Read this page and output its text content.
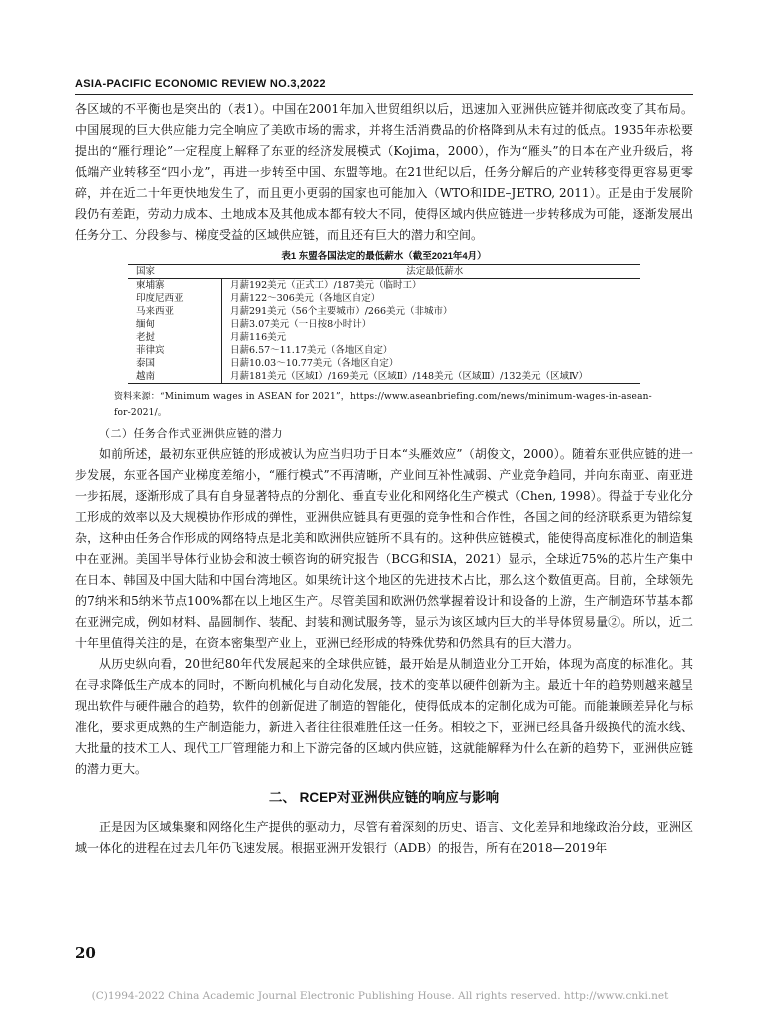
ASIA-PACIFIC ECONOMIC REVIEW NO.3,2022

各区域的不平衡也是突出的（表1）。中国在2001年加入世贸组织以后，迅速加入亚洲供应链并彻底改变了其布局。中国展现的巨大供应能力完全响应了美欧市场的需求，并将生活消费品的价格降到从未有过的低点。1935年赤松要提出的“雁行理论”一定程度上解释了东亚的经济发展模式（Kojima，2000），作为“雁头”的日本在产业升级后，将低端产业转移至“四小龙”，再进一步转至中国、东盟等地。在21世纪以后，任务分解后的产业转移变得更容易更零碎，并在近二十年更快地发生了，而且更小更弱的国家也可能加入（WTO和IDE–JETRO, 2011）。正是由于发展阶段仍有差距，劳动力成本、土地成本及其他成本都有较大不同，使得区域内供应链进一步转移成为可能，逐渐发展出任务分工、分段参与、梯度受益的区域供应链，而且还有巨大的潜力和空间。

表1 东盟各国法定的最低薪水（截至2021年4月）
国家	法定最低薪水
柬埔寨	月薪192美元（正式工）/187美元（临时工）
印度尼西亚	月薪122～306美元（各地区自定）
马来西亚	月薪291美元（56个主要城市）/266美元（非城市）
缅甸	日薪3.07美元（一日按8小时计）
老挝	月薪116美元
菲律宾	日薪6.57～11.17美元（各地区自定）
泰国	日薪10.03～10.77美元（各地区自定）
越南	月薪181美元（区域Ⅰ）/169美元（区域Ⅱ）/148美元（区域Ⅲ）/132美元（区域Ⅳ）
资料来源：“Minimum wages in ASEAN for 2021”，https://www.aseanbriefing.com/news/minimum-wages-in-asean-for-2021/。
（二）任务合作式亚洲供应链的潜力

如前所述，最初东亚供应链的形成被认为应当归功于日本“头雁效应”（胡俊文，2000）。随着东亚供应链的进一步发展，东亚各国产业梯度差缩小，“雁行模式”不再清晰，产业间互补性减弱、产业竞争趋同，并向东南亚、南亚进一步拓展，逐渐形成了具有自身显著特点的分割化、垂直专业化和网络化生产模式（Chen, 1998）。得益于专业化分工形成的效率以及大规模协作形成的弹性，亚洲供应链具有更强的竞争性和合作性，各国之间的经济联系更为错综复杂，这种由任务合作形成的网络特点是北美和欧洲供应链所不具有的。这种供应链模式，能使得高度标准化的制造集中在亚洲。美国半导体行业协会和波士顿咨询的研究报告（BCG和SIA，2021）显示，全球近75%的芯片生产集中在日本、韩国及中国大陆和中国台湾地区。如果统计这个地区的先进技术占比，那么这个数值更高。目前，全球领先的7纳米和5纳米节点100%都在以上地区生产。尽管美国和欧洲仍然掌握着设计和设备的上游，生产制造环节基本都在亚洲完成，例如材料、晶圆制作、装配、封装和测试服务等，显示为该区域内巨大的半导体贸易量②。所以，近二十年里值得关注的是，在资本密集型产业上，亚洲已经形成的特殊优势和仍然具有的巨大潜力。

从历史纵向看，20世纪80年代发展起来的全球供应链，最开始是从制造业分工开始，体现为高度的标准化。其在寻求降低生产成本的同时，不断向机械化与自动化发展，技术的变革以硬件创新为主。最近十年的趋势则越来越呈现出软件与硬件融合的趋势，软件的创新促进了制造的智能化，使得低成本的定制化成为可能。而能兼顾差异化与标准化，要求更成熟的生产制造能力，新进入者往往很难胜任这一任务。相较之下，亚洲已经具备升级换代的流水线、大批量的技术工人、现代工厂管理能力和上下游完备的区域内供应链，这就能解释为什么在新的趋势下，亚洲供应链的潜力更大。

二、 RCEP对亚洲供应链的响应与影响

正是因为区域集聚和网络化生产提供的驱动力，尽管有着深刻的历史、语言、文化差异和地缘政治分歧，亚洲区域一体化的进程在过去几年仍飞速发展。根据亚洲开发银行（ADB）的报告，所有在2018—2019年

20
(C)1994-2022 China Academic Journal Electronic Publishing House. All rights reserved. http://www.cnki.net
